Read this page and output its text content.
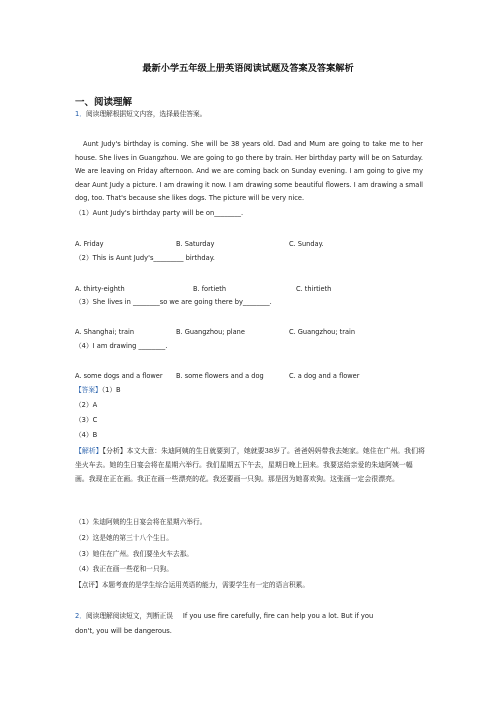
最新小学五年级上册英语阅读试题及答案及答案解析
一、阅读理解
1．阅读理解根据短文内容，选择最佳答案。
Aunt Judy's birthday is coming. She will be 38 years old. Dad and Mum are going to take me to her house. She lives in Guangzhou. We are going to go there by train. Her birthday party will be on Saturday. We are leaving on Friday afternoon. And we are coming back on Sunday evening. I am going to give my dear Aunt Judy a picture. I am drawing it now. I am drawing some beautiful flowers. I am drawing a small dog, too. That's because she likes dogs. The picture will be very nice.
（1）Aunt Judy's birthday party will be on________.
A. Friday	B. Saturday	C. Sunday.
（2）This is Aunt Judy's_________ birthday.
A. thirty-eighth	B. fortieth	C. thirtieth
（3）She lives in ________so we are going there by________.
A. Shanghai; train	B. Guangzhou; plane	C. Guangzhou; train
（4）I am drawing ________.
A. some dogs and a flower B. some flowers and a dog	C. a dog and a flower
【答案】（1）B
（2）A
（3）C
（4）B
【解析】【分析】本文大意：朱迪阿姨的生日就要到了，她就要38岁了。爸爸妈妈带我去她家。她住在广州。我们将坐火车去。她的生日宴会将在星期六举行。我们星期五下午去，星期日晚上回来。我要送给亲爱的朱迪阿姨一幅画。我现在正在画。我正在画一些漂亮的花。我还要画一只狗。那是因为她喜欢狗。这张画一定会很漂亮。
（1）朱迪阿姨的生日宴会将在星期六举行。
（2）这是她的第三十八个生日。
（3）她住在广州。我们要坐火车去那。
（4）我正在画一些花和一只狗。
【点评】本题考查的是学生综合运用英语的能力，需要学生有一定的语言积累。
2．阅读理解阅读短文，判断正误 If you use fire carefully, fire can help you a lot. But if you
don't, you will be dangerous.
